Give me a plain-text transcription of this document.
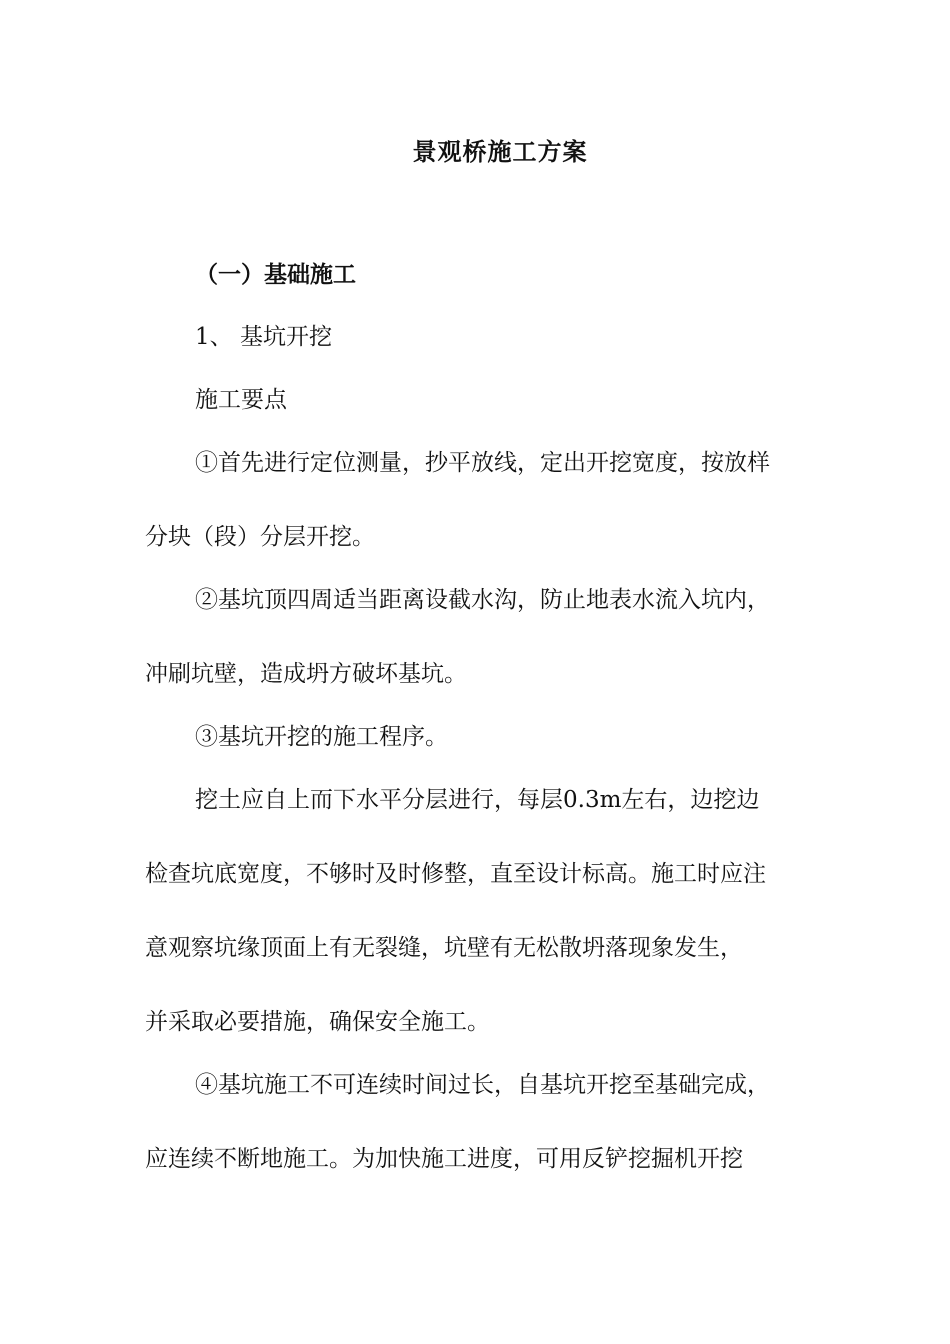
景观桥施工方案
（一）基础施工
1、 基坑开挖
施工要点
①首先进行定位测量，抄平放线，定出开挖宽度，按放样
分块（段）分层开挖。
②基坑顶四周适当距离设截水沟，防止地表水流入坑内，
冲刷坑壁，造成坍方破坏基坑。
③基坑开挖的施工程序。
挖土应自上而下水平分层进行，每层0.3m左右，边挖边
检查坑底宽度，不够时及时修整，直至设计标高。施工时应注
意观察坑缘顶面上有无裂缝，坑壁有无松散坍落现象发生，
并采取必要措施，确保安全施工。
④基坑施工不可连续时间过长，自基坑开挖至基础完成，
应连续不断地施工。为加快施工进度，可用反铲挖掘机开挖
